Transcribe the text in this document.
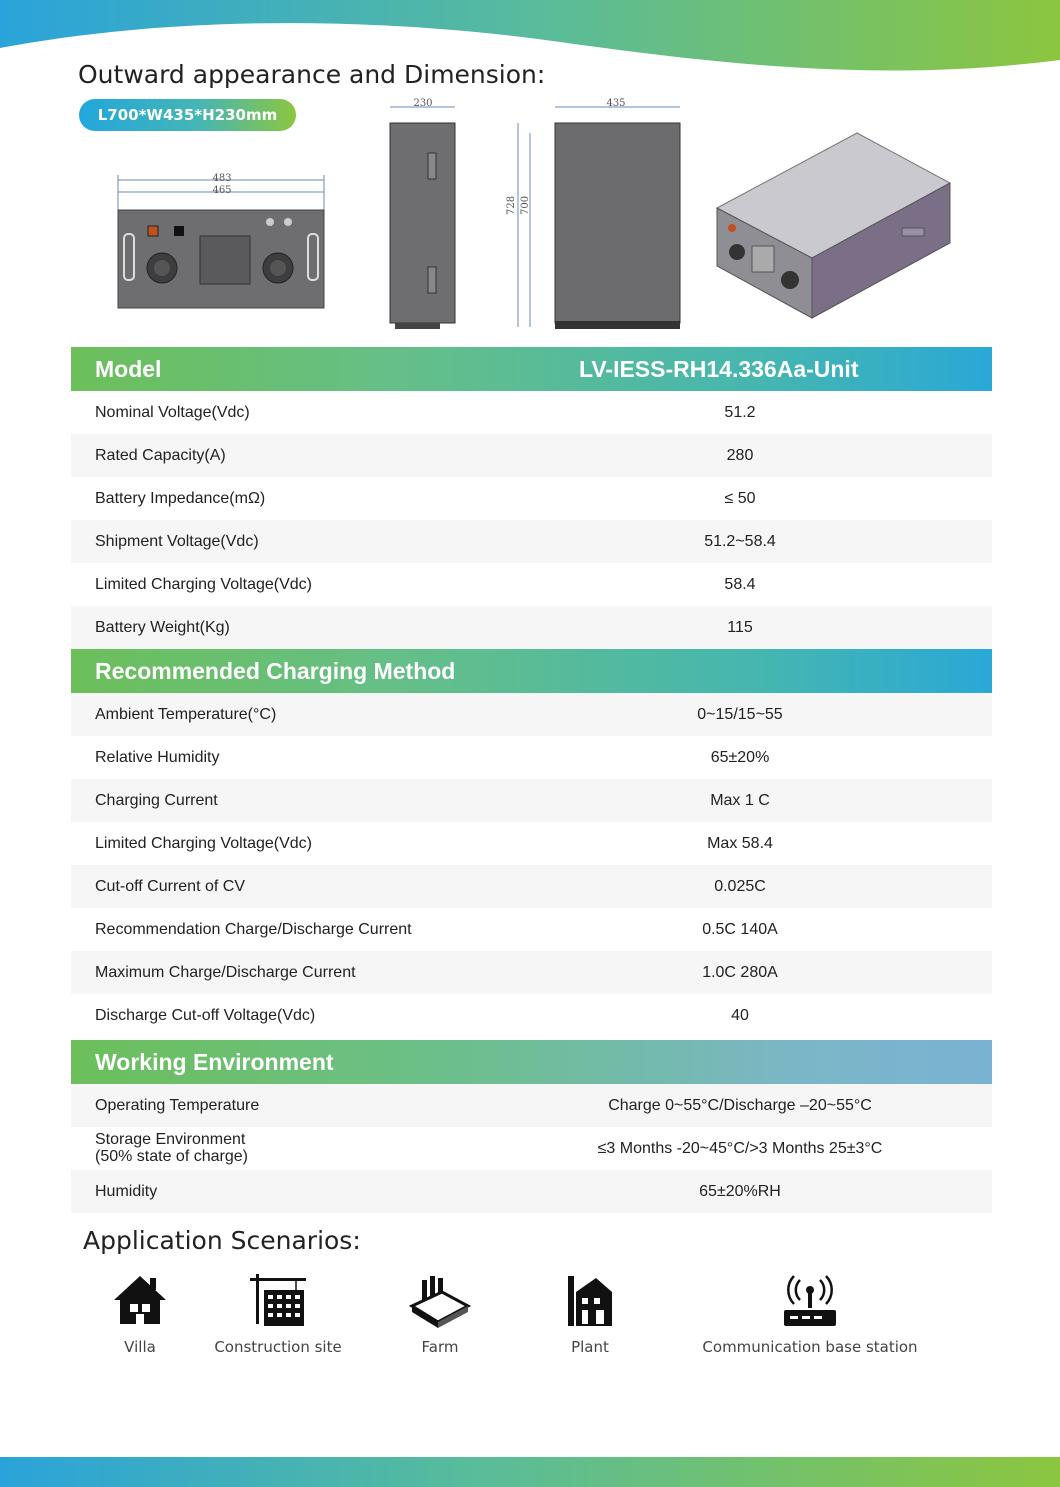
Outward appearance and Dimension:
L700*W435*H230mm
483
465
230	435
728 700
Model	LV-IESS-RH14.336Aa-Unit
Nominal Voltage(Vdc)	51.2
Rated Capacity(A)	280
Battery Impedance(mΩ)	≤ 50
Shipment Voltage(Vdc)	51.2~58.4
Limited Charging Voltage(Vdc)	58.4
Battery Weight(Kg)	115
Recommended Charging Method
Ambient Temperature(°C)	0~15/15~55
Relative Humidity	65±20%
Charging Current	Max 1 C
Limited Charging Voltage(Vdc)	Max 58.4
Cut-off Current of CV	0.025C
Recommendation Charge/Discharge Current	0.5C 140A
Maximum Charge/Discharge Current	1.0C 280A
Discharge Cut-off Voltage(Vdc)	40
Working Environment
Operating Temperature	Charge 0~55°C/Discharge –20~55°C
Storage Environment
(50% state of charge)	≤3 Months -20~45°C/>3 Months 25±3°C
Humidity	65±20%RH
Application Scenarios:
Villa	Construction site	Farm	Plant	Communication base station
